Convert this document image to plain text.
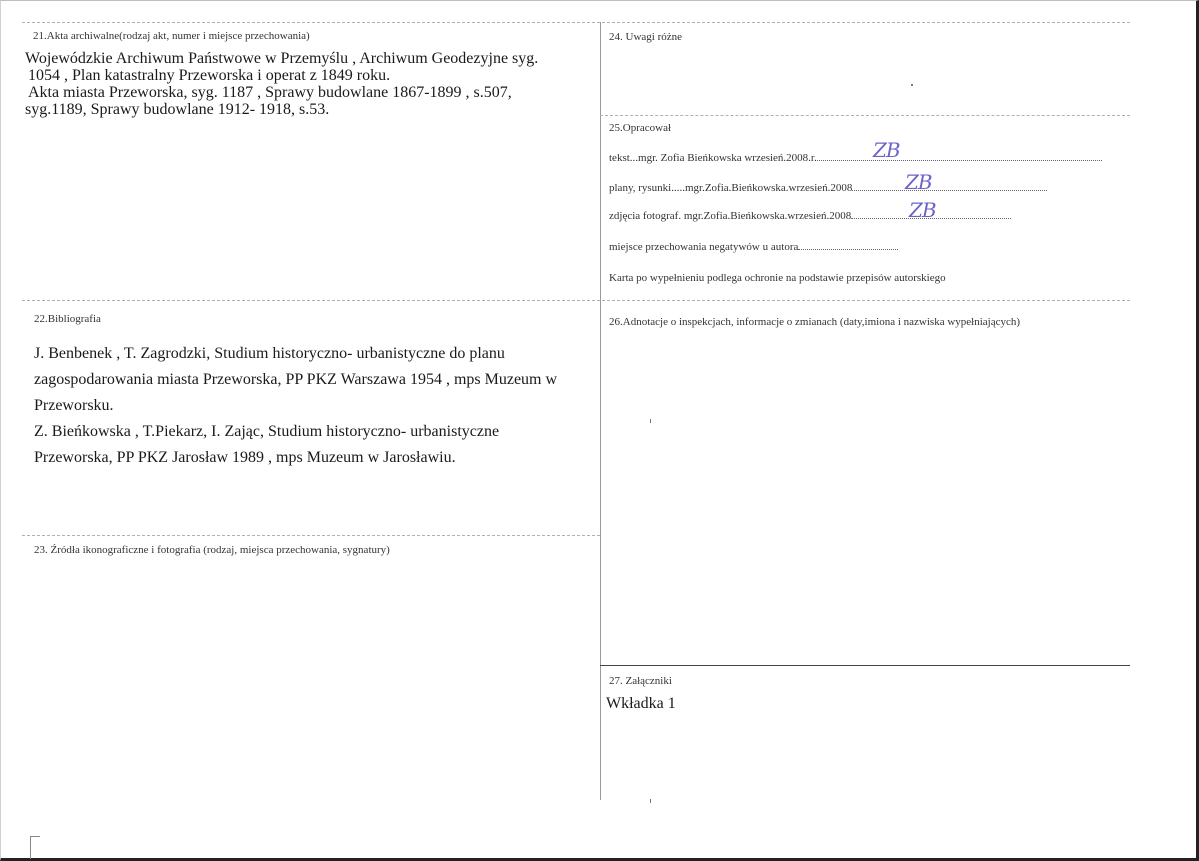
21.Akta archiwalne(rodzaj akt, numer i miejsce przechowania)
Wojewódzkie Archiwum Państwowe w Przemyślu , Archiwum Geodezyjne syg.
1054 , Plan katastralny Przeworska i operat z 1849 roku.
Akta miasta Przeworska, syg. 1187 , Sprawy budowlane 1867-1899 , s.507,
syg.1189, Sprawy budowlane 1912- 1918, s.53.
24. Uwagi różne
25.Opracował
tekst...mgr. Zofia Bieńkowska wrzesień.2008.r.	ZB
plany, rysunki.....mgr.Zofia.Bieńkowska.wrzesień.2008	ZB
zdjęcia fotograf. mgr.Zofia.Bieńkowska.wrzesień.2008	ZB
miejsce przechowania negatywów u autora
Karta po wypełnieniu podlega ochronie na podstawie przepisów autorskiego
22.Bibliografia

J. Benbenek , T. Zagrodzki, Studium historyczno- urbanistyczne do planu

zagospodarowania miasta Przeworska, PP PKZ Warszawa 1954 , mps Muzeum w

Przeworsku.

Z. Bieńkowska , T.Piekarz, I. Zając, Studium historyczno- urbanistyczne

Przeworska, PP PKZ Jarosław 1989 , mps Muzeum w Jarosławiu.

26.Adnotacje o inspekcjach, informacje o zmianach (daty,imiona i nazwiska wypełniających)
23. Źródła ikonograficzne i fotografia (rodzaj, miejsca przechowania, sygnatury)
27. Załączniki
Wkładka 1
